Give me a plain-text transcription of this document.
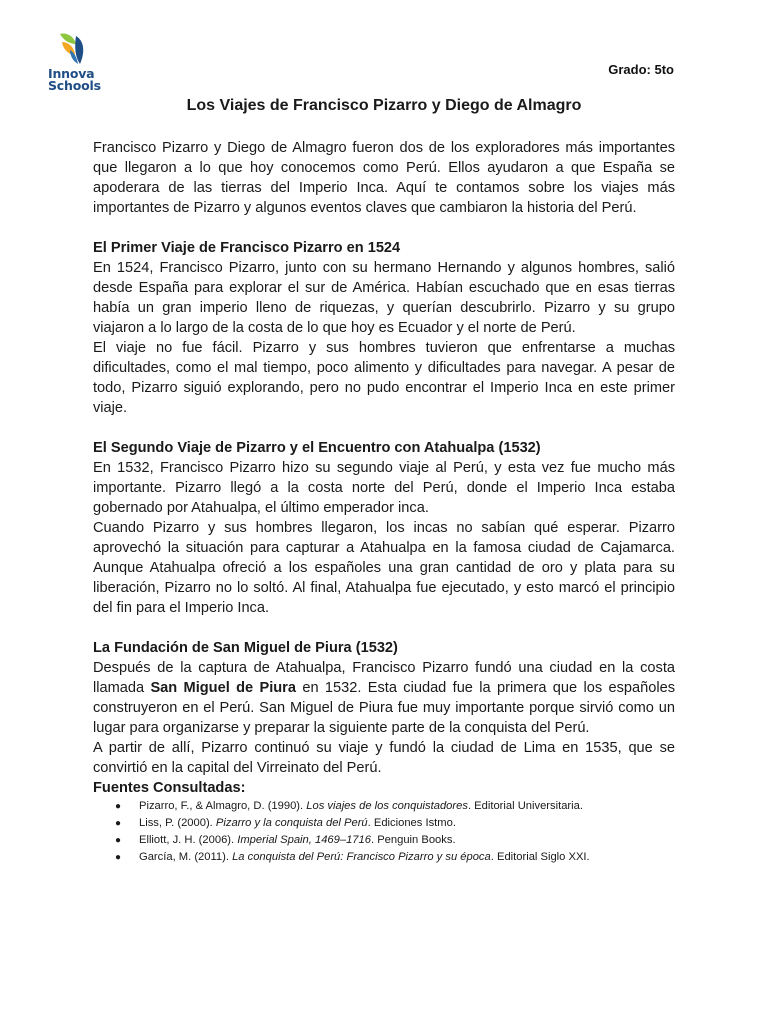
Innova
Schools
Grado: 5to
Los Viajes de Francisco Pizarro y Diego de Almagro

Francisco Pizarro y Diego de Almagro fueron dos de los exploradores más importantes que llegaron a lo que hoy conocemos como Perú. Ellos ayudaron a que España se apoderara de las tierras del Imperio Inca. Aquí te contamos sobre los viajes más importantes de Pizarro y algunos eventos claves que cambiaron la historia del Perú.

El Primer Viaje de Francisco Pizarro en 1524

En 1524, Francisco Pizarro, junto con su hermano Hernando y algunos hombres, salió desde España para explorar el sur de América. Habían escuchado que en esas tierras había un gran imperio lleno de riquezas, y querían descubrirlo. Pizarro y su grupo viajaron a lo largo de la costa de lo que hoy es Ecuador y el norte de Perú.

El viaje no fue fácil. Pizarro y sus hombres tuvieron que enfrentarse a muchas dificultades, como el mal tiempo, poco alimento y dificultades para navegar. A pesar de todo, Pizarro siguió explorando, pero no pudo encontrar el Imperio Inca en este primer viaje.

El Segundo Viaje de Pizarro y el Encuentro con Atahualpa (1532)

En 1532, Francisco Pizarro hizo su segundo viaje al Perú, y esta vez fue mucho más importante. Pizarro llegó a la costa norte del Perú, donde el Imperio Inca estaba gobernado por Atahualpa, el último emperador inca.

Cuando Pizarro y sus hombres llegaron, los incas no sabían qué esperar. Pizarro aprovechó la situación para capturar a Atahualpa en la famosa ciudad de Cajamarca. Aunque Atahualpa ofreció a los españoles una gran cantidad de oro y plata para su liberación, Pizarro no lo soltó. Al final, Atahualpa fue ejecutado, y esto marcó el principio del fin para el Imperio Inca.

La Fundación de San Miguel de Piura (1532)

Después de la captura de Atahualpa, Francisco Pizarro fundó una ciudad en la costa llamada San Miguel de Piura en 1532. Esta ciudad fue la primera que los españoles construyeron en el Perú. San Miguel de Piura fue muy importante porque sirvió como un lugar para organizarse y preparar la siguiente parte de la conquista del Perú.

A partir de allí, Pizarro continuó su viaje y fundó la ciudad de Lima en 1535, que se convirtió en la capital del Virreinato del Perú.

Fuentes Consultadas:

● Pizarro, F., & Almagro, D. (1990). Los viajes de los conquistadores. Editorial Universitaria.
● Liss, P. (2000). Pizarro y la conquista del Perú. Ediciones Istmo.
● Elliott, J. H. (2006). Imperial Spain, 1469–1716. Penguin Books.
● García, M. (2011). La conquista del Perú: Francisco Pizarro y su época. Editorial Siglo XXI.
